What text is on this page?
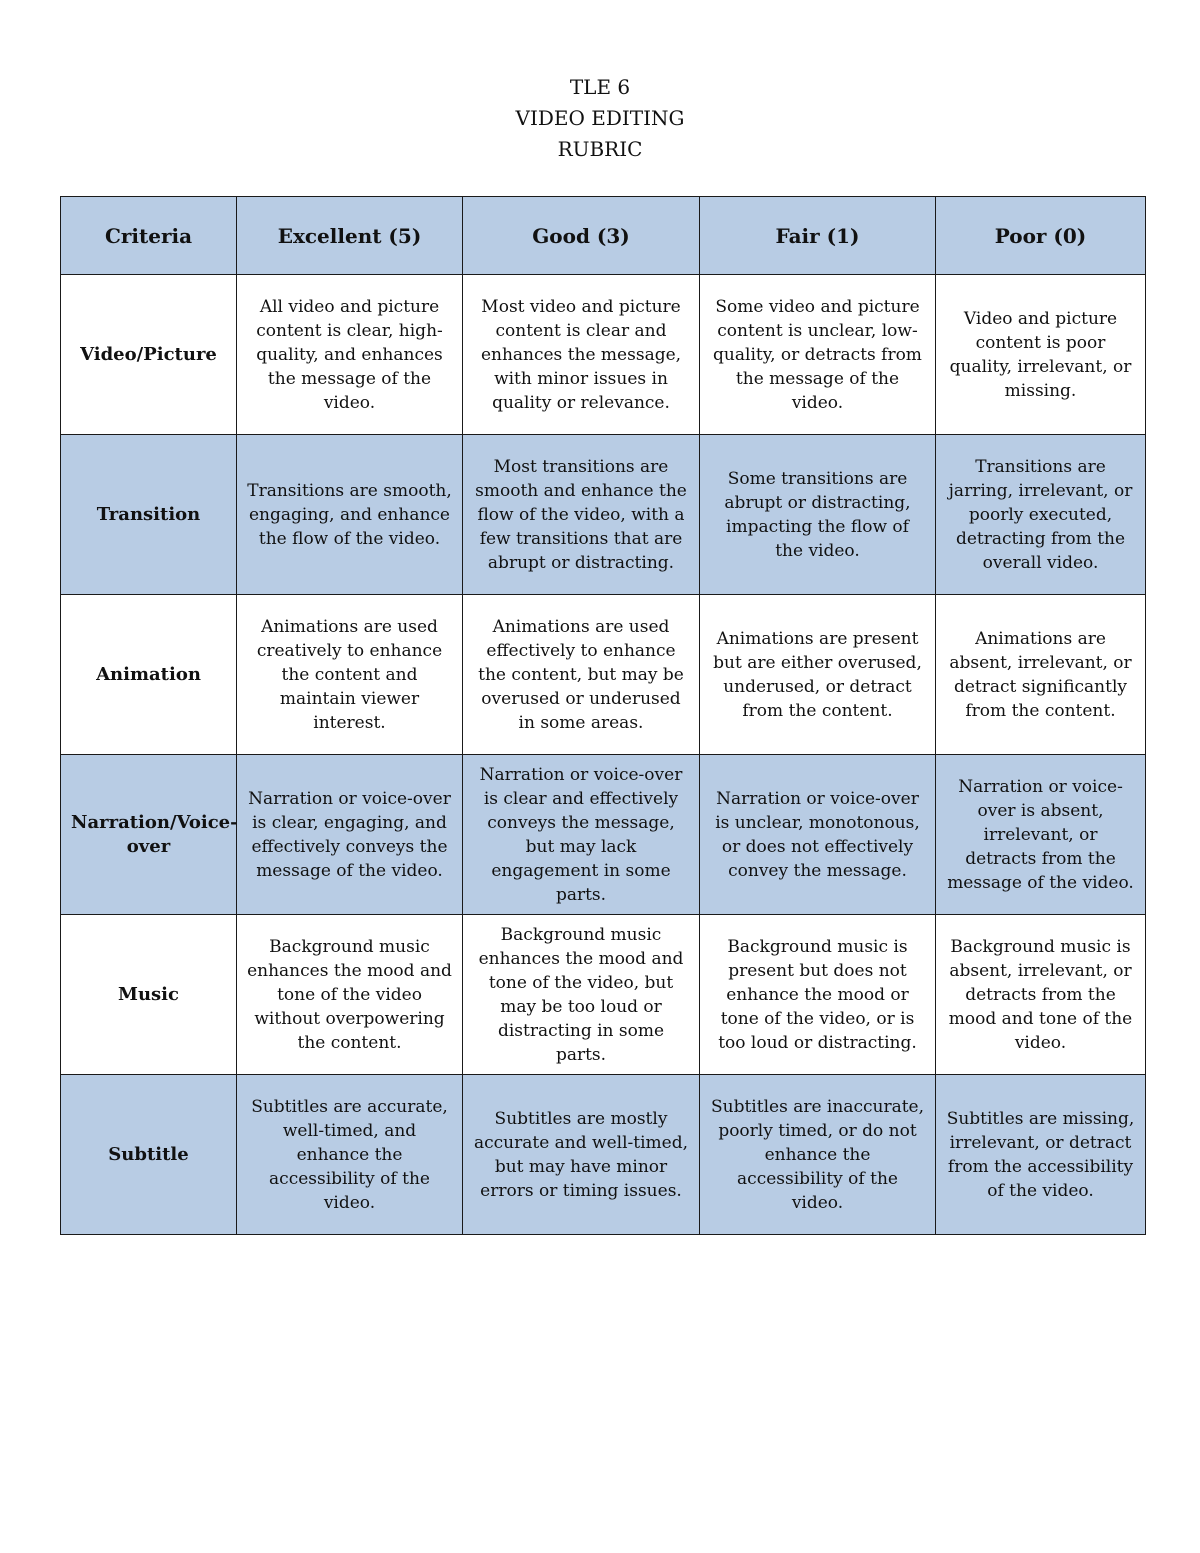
TLE 6
VIDEO EDITING
RUBRIC
Criteria	Excellent (5)	Good (3)	Fair (1)	Poor (0)
Video/Picture	All video and picture content is clear, high-quality, and enhances the message of the video.	Most video and picture content is clear and enhances the message, with minor issues in quality or relevance.	Some video and picture content is unclear, low-quality, or detracts from the message of the video.	Video and picture content is poor quality, irrelevant, or missing.
Transition	Transitions are smooth, engaging, and enhance the flow of the video.	Most transitions are smooth and enhance the flow of the video, with a few transitions that are abrupt or distracting.	Some transitions are abrupt or distracting, impacting the flow of the video.	Transitions are jarring, irrelevant, or poorly executed, detracting from the overall video.
Animation	Animations are used creatively to enhance the content and maintain viewer interest.	Animations are used effectively to enhance the content, but may be overused or underused in some areas.	Animations are present but are either overused, underused, or detract from the content.	Animations are absent, irrelevant, or detract significantly from the content.
Narration/Voice-over	Narration or voice-over is clear, engaging, and effectively conveys the message of the video.	Narration or voice-over is clear and effectively conveys the message, but may lack engagement in some parts.	Narration or voice-over is unclear, monotonous, or does not effectively convey the message.	Narration or voice-over is absent, irrelevant, or detracts from the message of the video.
Music	Background music enhances the mood and tone of the video without overpowering the content.	Background music enhances the mood and tone of the video, but may be too loud or distracting in some parts.	Background music is present but does not enhance the mood or tone of the video, or is too loud or distracting.	Background music is absent, irrelevant, or detracts from the mood and tone of the video.
Subtitle	Subtitles are accurate, well-timed, and enhance the accessibility of the video.	Subtitles are mostly accurate and well-timed, but may have minor errors or timing issues.	Subtitles are inaccurate, poorly timed, or do not enhance the accessibility of the video.	Subtitles are missing, irrelevant, or detract from the accessibility of the video.
